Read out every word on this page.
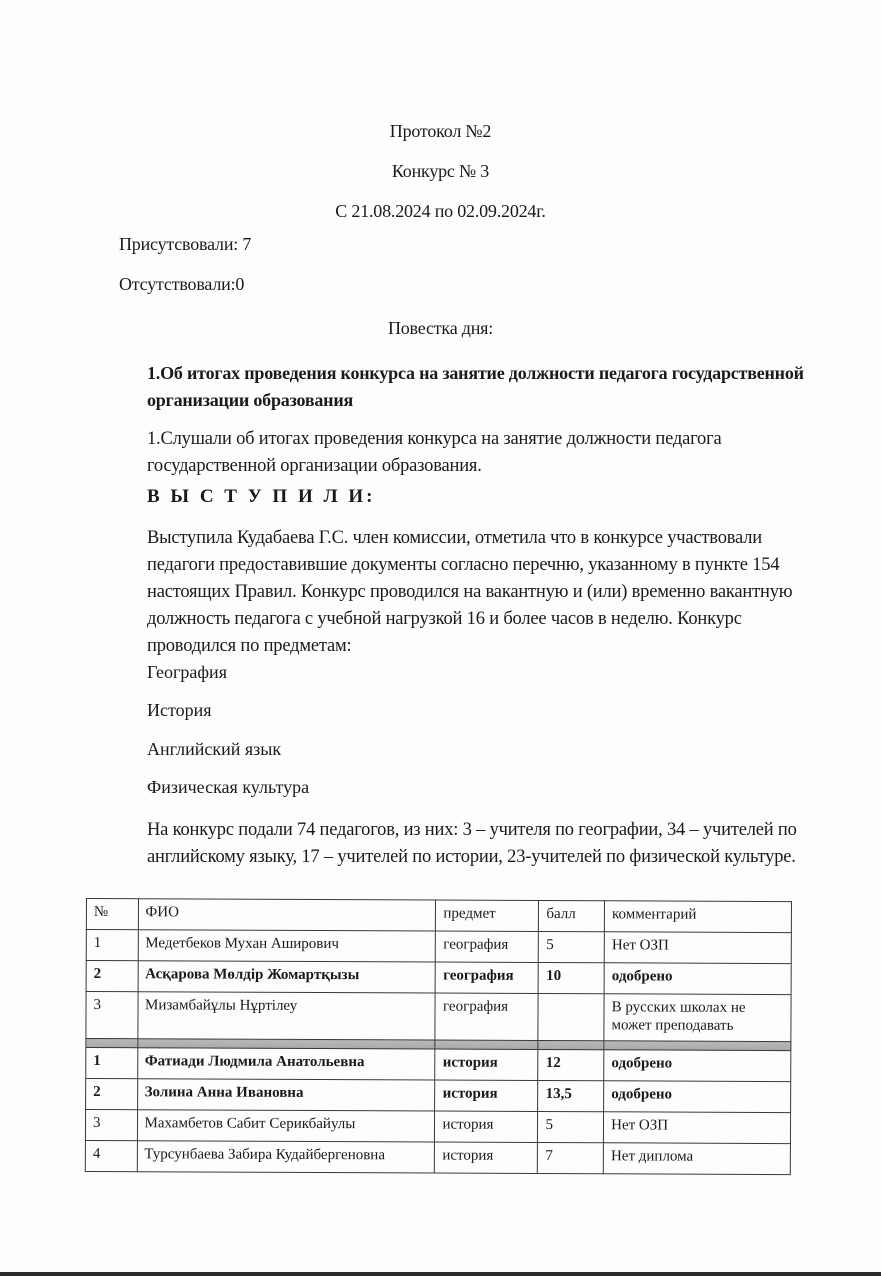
Протокол №2
Конкурс № 3
С 21.08.2024 по 02.09.2024г.
Присутсвовали: 7
Отсутствовали:0
Повестка дня:
1.Об итогах проведения конкурса на занятие должности педагога государственной организации образования
1.Слушали об итогах проведения конкурса на занятие должности педагога государственной организации образования.
В Ы С Т У П И Л И:
Выступила Кудабаева Г.С. член комиссии, отметила что в конкурсе участвовали педагоги предоставившие документы согласно перечню, указанному в пункте 154 настоящих Правил. Конкурс проводился на вакантную и (или) временно вакантную должность педагога с учебной нагрузкой 16 и более часов в неделю. Конкурс проводился по предметам:
География
История
Английский язык
Физическая культура
На конкурс подали 74 педагогов, из них: 3 – учителя по географии, 34 – учителей по английскому языку, 17 – учителей по истории, 23-учителей по физической культуре.
№	ФИО	предмет	балл	комментарий
1	Медетбеков Мухан Аширович	география	5	Нет ОЗП
2	Асқарова Мөлдір Жомартқызы	география	10	одобрено
3	Мизамбайұлы Нұртілеу	география		В русских школах не может преподавать

1	Фатиади Людмила Анатольевна	история	12	одобрено
2	Золина Анна Ивановна	история	13,5	одобрено
3	Махамбетов Сабит Серикбайулы	история	5	Нет ОЗП
4	Турсунбаева Забира Кудайбергеновна	история	7	Нет диплома
